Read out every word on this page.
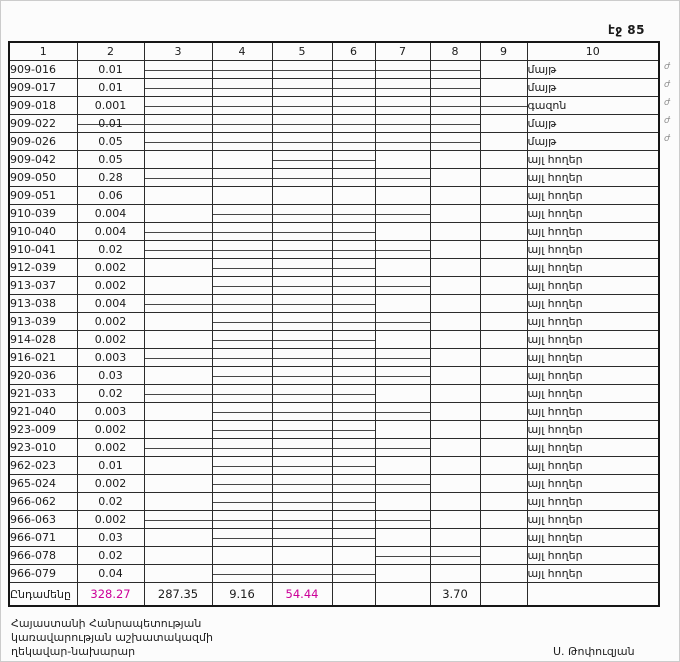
էջ 85
1	2	3	4	5	6	7	8	9	10
909-016	0.01								մայթ ժ

909-017	0.01								մայթ ժ

909-018	0.001								գազոն ժ

909-022	0.01								մայթ ժ

909-026	0.05								մայթ ժ

909-042	0.05								այլ հողեր
909-050	0.28								այլ հողեր
909-051	0.06								այլ հողեր
910-039	0.004								այլ հողեր
910-040	0.004								այլ հողեր
910-041	0.02								այլ հողեր
912-039	0.002								այլ հողեր
913-037	0.002								այլ հողեր
913-038	0.004								այլ հողեր
913-039	0.002								այլ հողեր
914-028	0.002								այլ հողեր
916-021	0.003								այլ հողեր
920-036	0.03								այլ հողեր
921-033	0.02								այլ հողեր
921-040	0.003								այլ հողեր
923-009	0.002								այլ հողեր
923-010	0.002								այլ հողեր
962-023	0.01								այլ հողեր
965-024	0.002								այլ հողեր
966-062	0.02								այլ հողեր
966-063	0.002								այլ հողեր
966-071	0.03								այլ հողեր
966-078	0.02								այլ հողեր
966-079	0.04								այլ հողեր
Ընդամենը	328.27	287.35	9.16	54.44			3.70		
Հայաստանի Հանրապետության
կառավարության աշխատակազմի
ղեկավար-նախարար	Ս. Թոփուզյան
